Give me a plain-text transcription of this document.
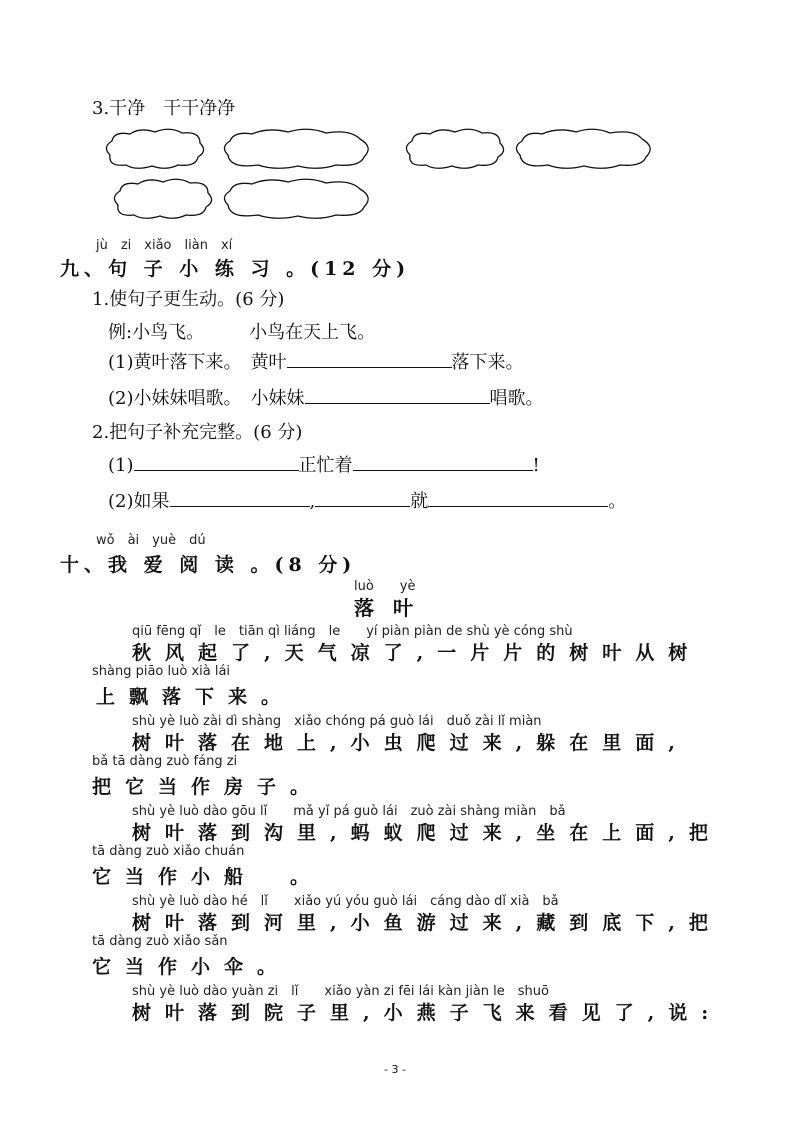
3.干净　干干净净
jù　zi　xiǎo　liàn　xí
九、句 子 小 练 习 。(12 分)
1.使句子更生动。(6 分)
例:小鸟飞。　　　小鸟在天上飞。
(1)黄叶落下来。　黄叶	落下来。
(2)小妹妹唱歌。　小妹妹	唱歌。
2.把句子补充完整。(6 分)
(1)	正忙着	!
(2)如果	,	就	。
wǒ　ài　yuè　dú
十、我 爱 阅 读 。(8 分)
luò　　yè
落 叶
qiū fēng qǐ　le　tiān qì liáng　le　　yí piàn piàn de shù yè cóng shù
秋风起了,天气凉了,一片片的树叶从树
shàng piāo luò xià lái
上飘落下来。
shù yè luò zài dì shàng　xiǎo chóng pá guò lái　duǒ zài lǐ miàn
树叶落在地上,小虫爬过来,躲在里面,
bǎ tā dàng zuò fáng zi
把它当作房子。
shù yè luò dào gōu lǐ　　mǎ yǐ pá guò lái　zuò zài shàng miàn　bǎ
树叶落到沟里,蚂蚁爬过来,坐在上面,把
tā dàng zuò xiǎo chuán
它当作小船　。
shù yè luò dào hé　lǐ　　xiǎo yú yóu guò lái　cáng dào dǐ xià　bǎ
树叶落到河里,小鱼游过来,藏到底下,把
tā dàng zuò xiǎo sǎn
它当作小伞。
shù yè luò dào yuàn zi　lǐ　　xiǎo yàn zi fēi lái kàn jiàn le　shuō
树叶落到院子里,小燕子飞来看见了,说:
- 3 -
